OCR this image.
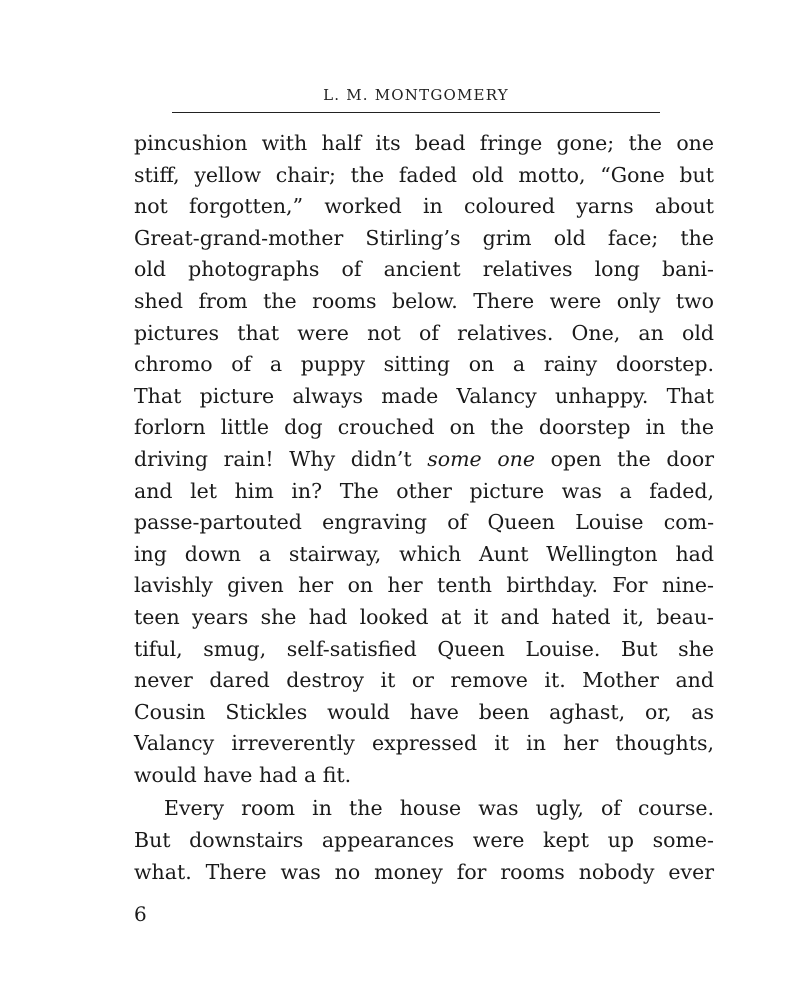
L. M. MONTGOMERY
pincushion with half its bead fringe gone; the one
stiff, yellow chair; the faded old motto, “Gone but
not forgotten,” worked in coloured yarns about
Great-grand-mother Stirling’s grim old face; the
old photographs of ancient relatives long bani-
shed from the rooms below. There were only two
pictures that were not of relatives. One, an old
chromo of a puppy sitting on a rainy doorstep.
That picture always made Valancy unhappy. That
forlorn little dog crouched on the doorstep in the
driving rain! Why didn’t some one open the door
and let him in? The other picture was a faded,
passe-partouted engraving of Queen Louise com-
ing down a stairway, which Aunt Wellington had
lavishly given her on her tenth birthday. For nine-
teen years she had looked at it and hated it, beau-
tiful, smug, self-satisfied Queen Louise. But she
never dared destroy it or remove it. Mother and
Cousin Stickles would have been aghast, or, as
Valancy irreverently expressed it in her thoughts,
would have had a fit.
Every room in the house was ugly, of course.
But downstairs appearances were kept up some-
what. There was no money for rooms nobody ever
6
